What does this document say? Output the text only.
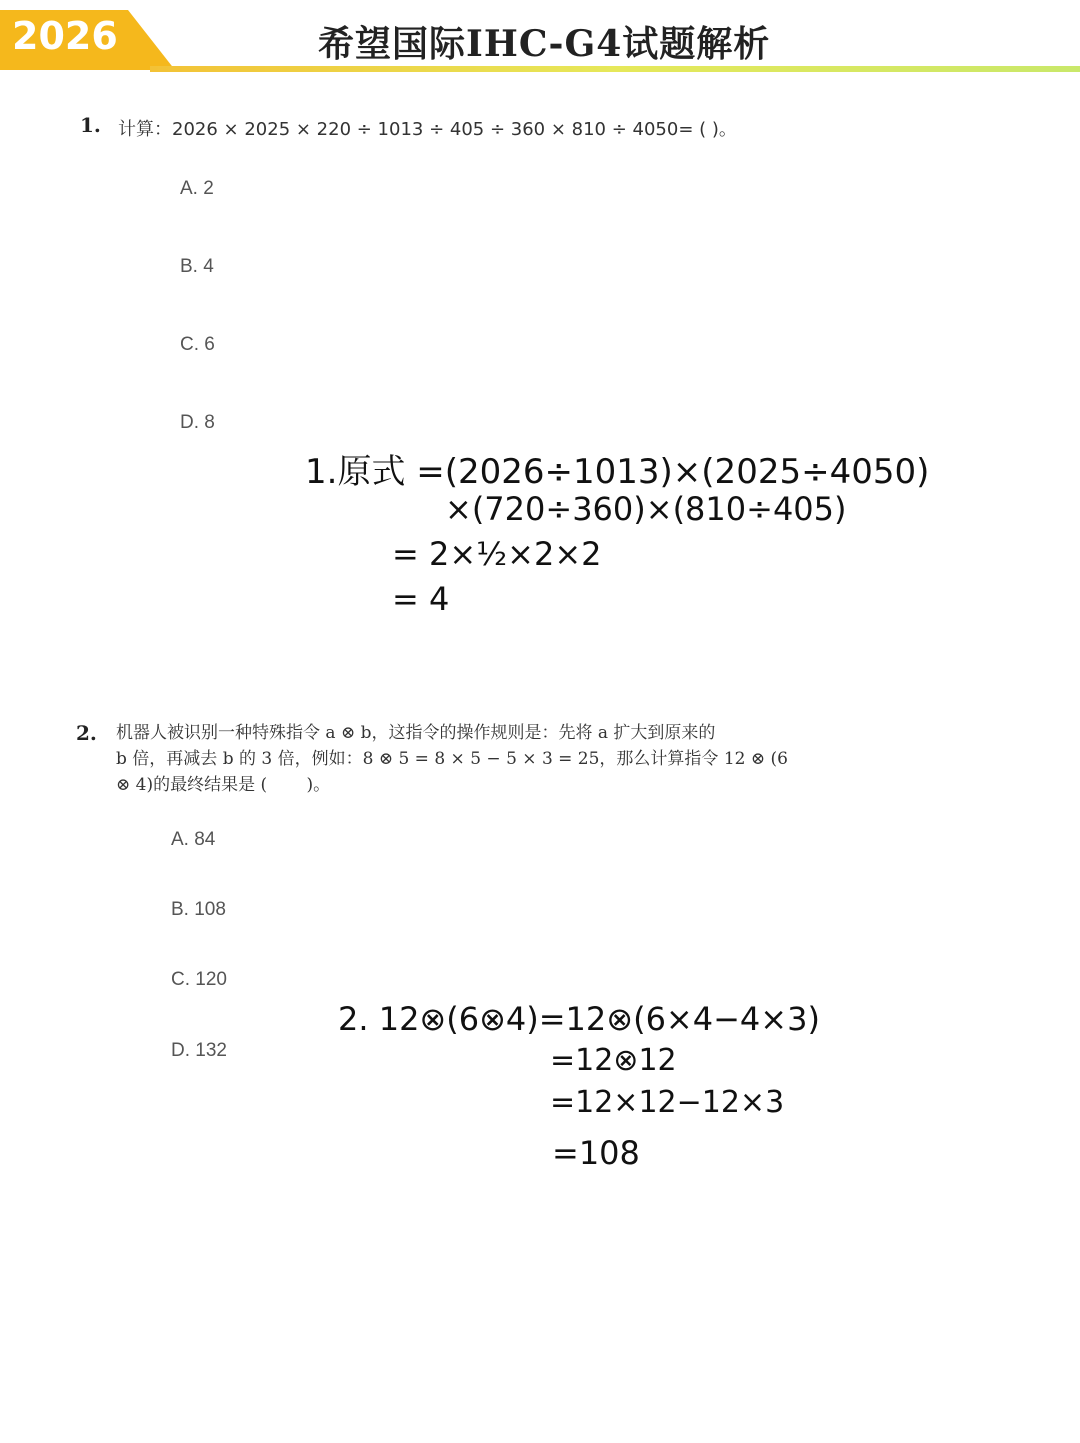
2026	希望国际IHC-G4试题解析
1. 计算：2026 × 2025 × 220 ÷ 1013 ÷ 405 ÷ 360 × 810 ÷ 4050= ( )。
A. 2
B. 4
C. 6
D. 8
1.原式 =(2026÷1013)×(2025÷4050)
×(720÷360)×(810÷405)
= 2×½×2×2
= 4
2. 12⊗(6⊗4)=12⊗(6×4−4×3)
=12⊗12
=12×12−12×3
=108
2. 机器人被识别一种特殊指令 a ⊗ b，这指令的操作规则是：先将 a 扩大到原来的
b 倍，再减去 b 的 3 倍，例如：8 ⊗ 5 = 8 × 5 − 5 × 3 = 25，那么计算指令 12 ⊗ (6
⊗ 4)的最终结果是 (　　 )。
A. 84
B. 108
C. 120
D. 132
